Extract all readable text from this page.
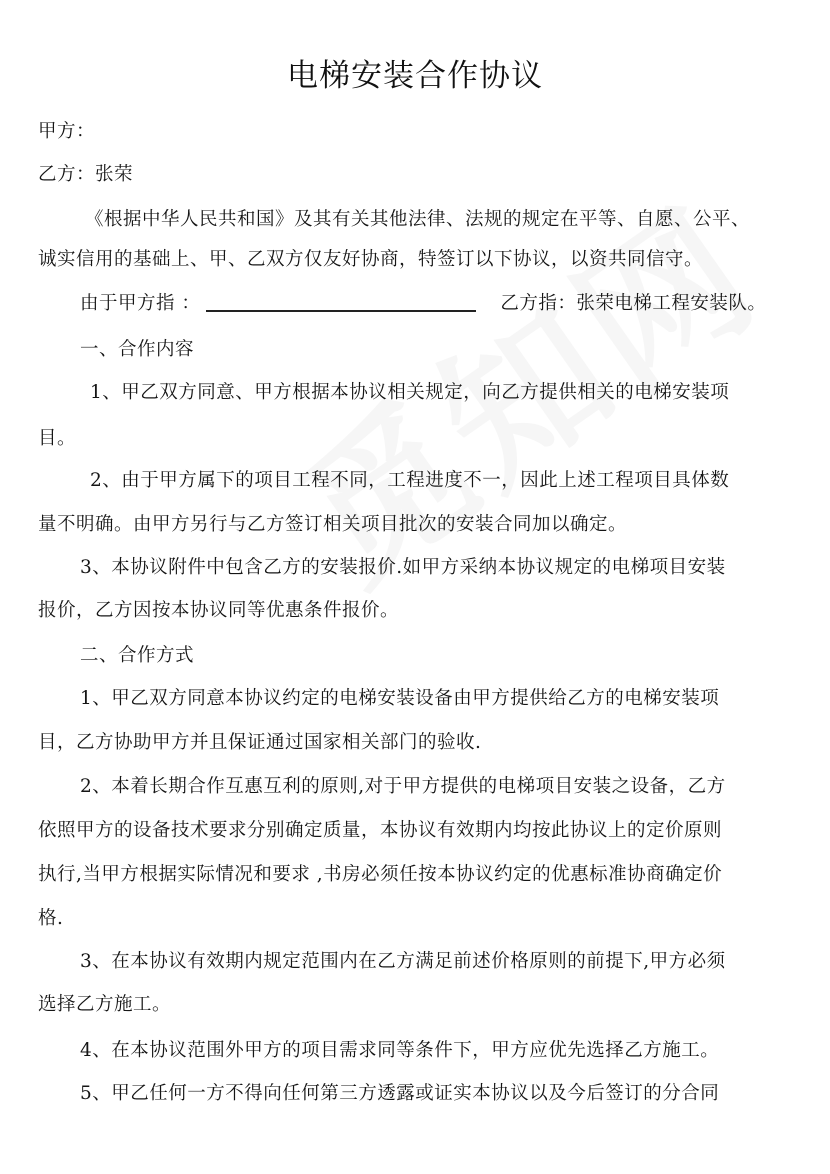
电梯安装合作协议
甲方：
乙方：张荣
《根据中华人民共和国》及其有关其他法律、法规的规定在平等、自愿、公平、
诚实信用的基础上、甲、乙双方仅友好协商，特签订以下协议，以资共同信守。
由于甲方指 ：	乙方指：张荣电梯工程安装队。
一、合作内容
1、甲乙双方同意、甲方根据本协议相关规定，向乙方提供相关的电梯安装项
目。
2、由于甲方属下的项目工程不同，工程进度不一，因此上述工程项目具体数
量不明确。由甲方另行与乙方签订相关项目批次的安装合同加以确定。
3、本协议附件中包含乙方的安装报价.如甲方采纳本协议规定的电梯项目安装
报价，乙方因按本协议同等优惠条件报价。
二、合作方式
1、甲乙双方同意本协议约定的电梯安装设备由甲方提供给乙方的电梯安装项
目，乙方协助甲方并且保证通过国家相关部门的验收.
2、本着长期合作互惠互利的原则,对于甲方提供的电梯项目安装之设备，乙方
依照甲方的设备技术要求分别确定质量，本协议有效期内均按此协议上的定价原则
执行,当甲方根据实际情况和要求 ,书房必须任按本协议约定的优惠标准协商确定价
格.
3、在本协议有效期内规定范围内在乙方满足前述价格原则的前提下,甲方必须
选择乙方施工。
4、在本协议范围外甲方的项目需求同等条件下，甲方应优先选择乙方施工。
5、甲乙任何一方不得向任何第三方透露或证实本协议以及今后签订的分合同
